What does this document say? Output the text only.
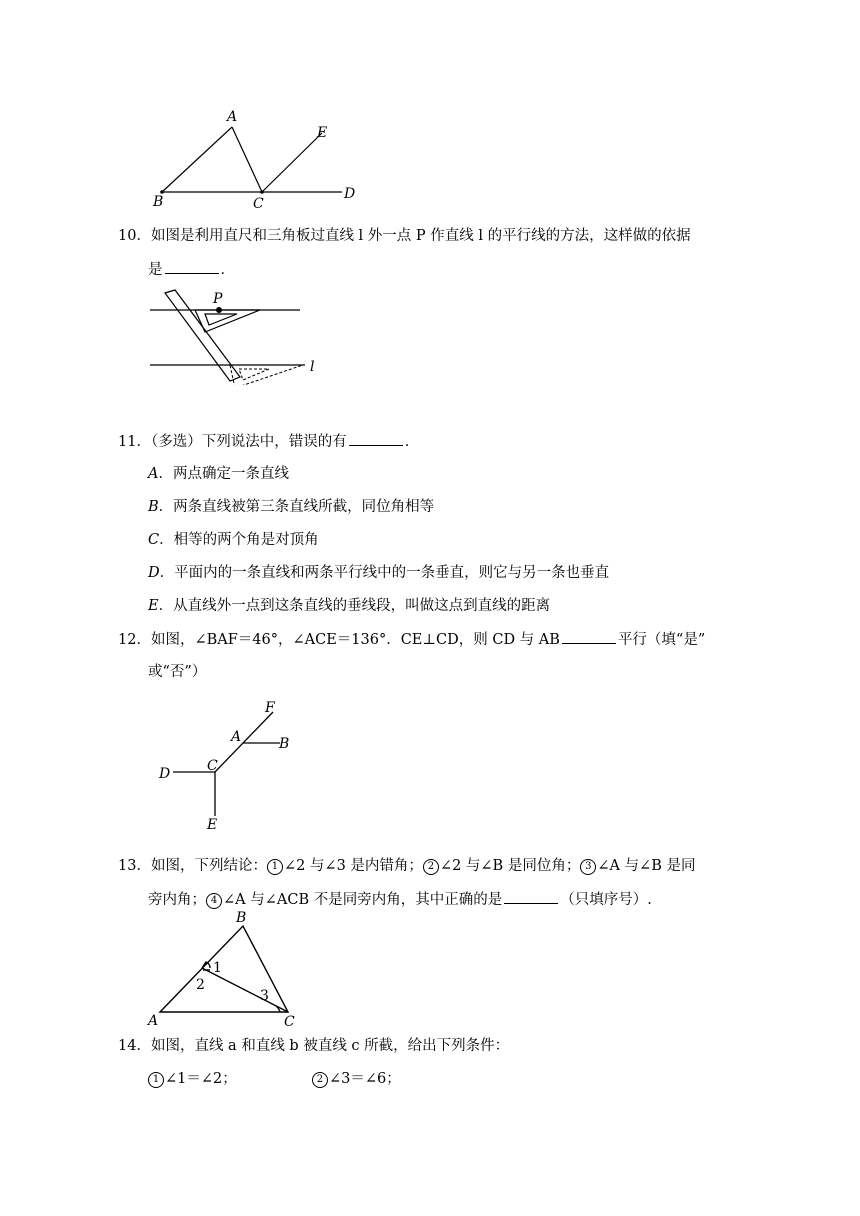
A
B	C
D
E
10．如图是利用直尺和三角板过直线 l 外一点 P 作直线 l 的平行线的方法，这样做的依据
是	．
P
l
11．（多选）下列说法中，错误的有	．
A．两点确定一条直线
B．两条直线被第三条直线所截，同位角相等
C．相等的两个角是对顶角
D．平面内的一条直线和两条平行线中的一条垂直，则它与另一条也垂直
E．从直线外一点到这条直线的垂线段，叫做这点到直线的距离
12．如图，∠BAF＝46°，∠ACE＝136°．CE⊥CD，则 CD 与 AB	平行（填“是”
或“否”）
F
A	B
C
D
E
13．如图，下列结论： 1 ∠2 与∠3 是内错角； 2 ∠2 与∠B 是同位角； 3 ∠A 与∠B 是同
旁内角； 4 ∠A 与∠ACB 不是同旁内角，其中正确的是	（只填序号）.
B
A	C
1
2
3
14．如图，直线 a 和直线 b 被直线 c 所截，给出下列条件：
1 ∠1＝∠2；	2 ∠3＝∠6；
